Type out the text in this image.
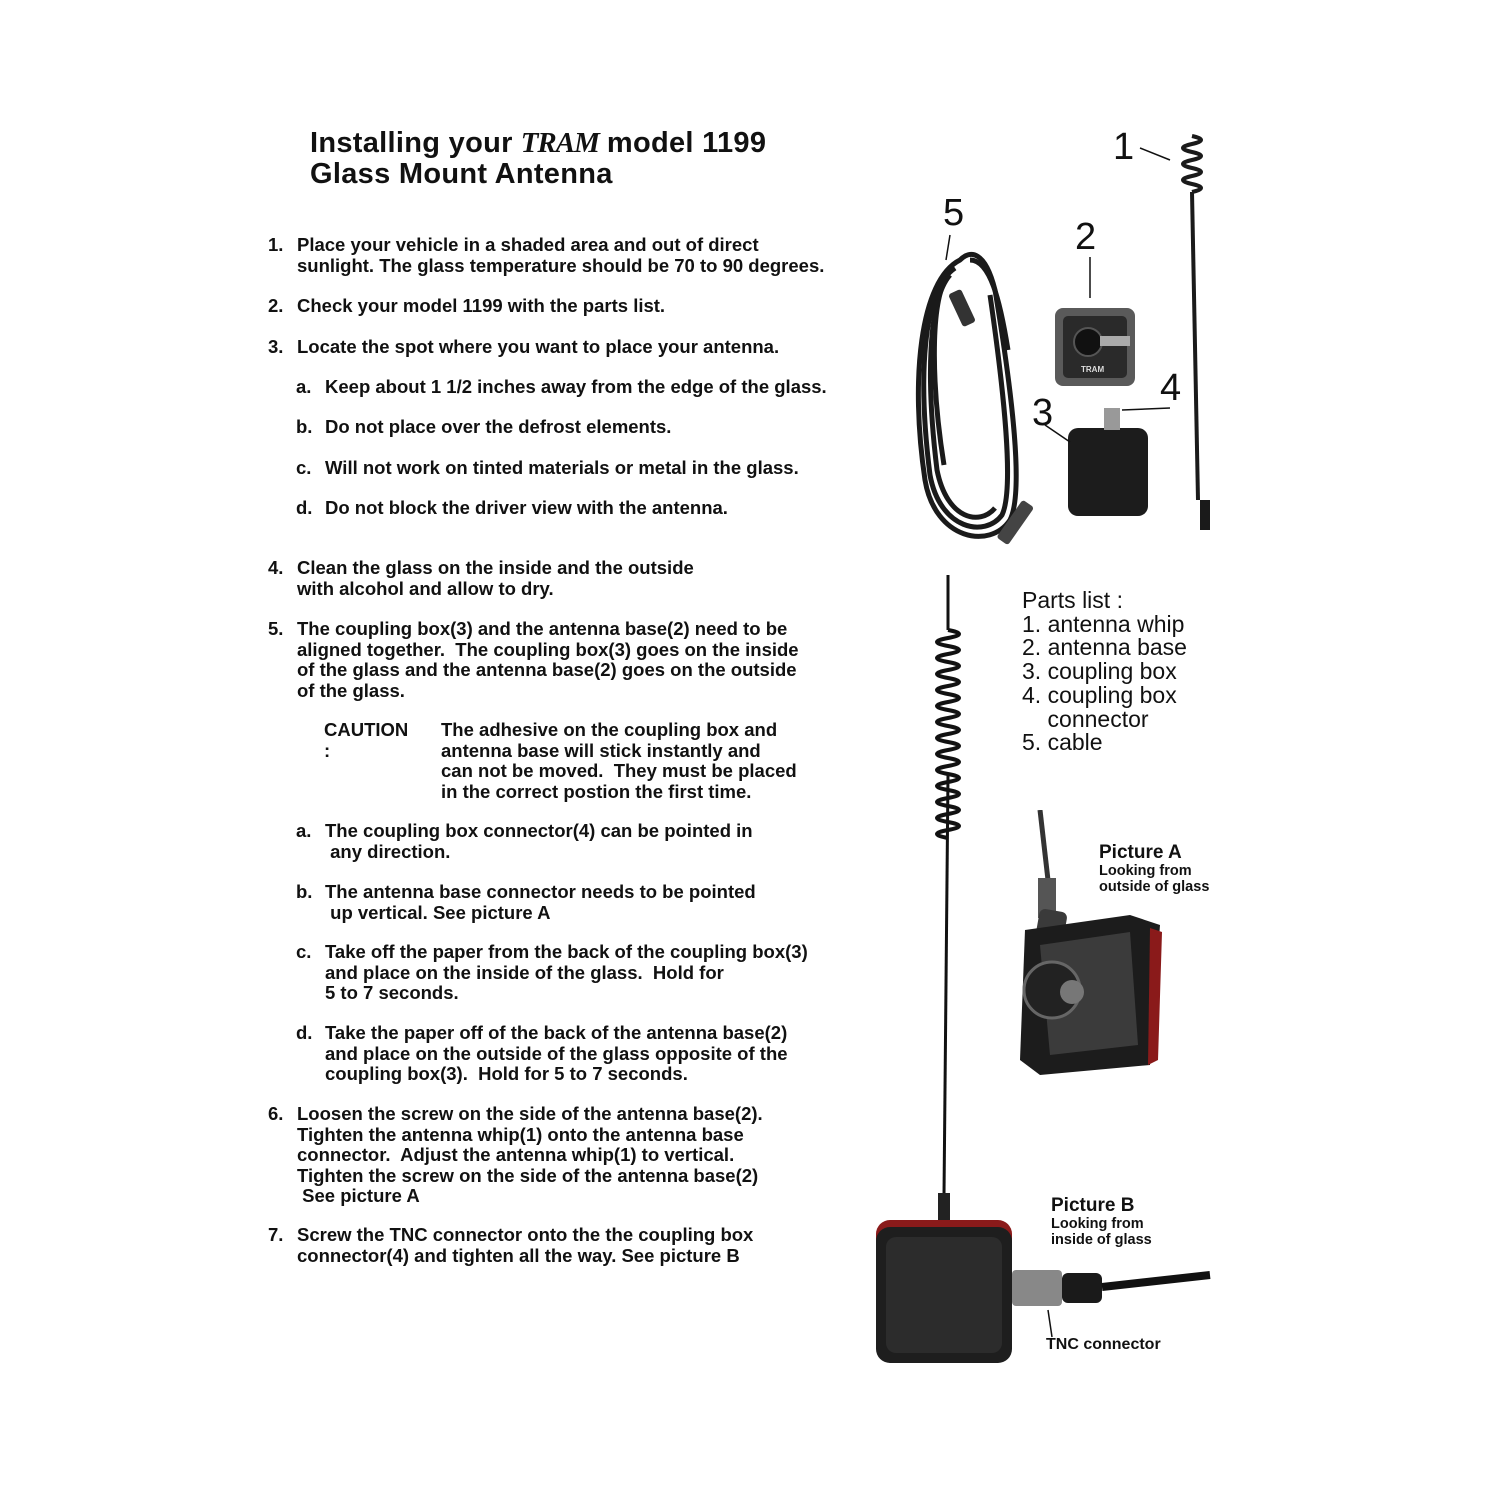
Installing your TRAM model 1199
Glass Mount Antenna
1. Place your vehicle in a shaded area and out of direct
sunlight. The glass temperature should be 70 to 90 degrees.
2. Check your model 1199 with the parts list.
3. Locate the spot where you want to place your antenna.
a. Keep about 1 1/2 inches away from the edge of the glass.
b. Do not place over the defrost elements.
c. Will not work on tinted materials or metal in the glass.
d. Do not block the driver view with the antenna.
4. Clean the glass on the inside and the outside
with alcohol and allow to dry.
5. The coupling box(3) and the antenna base(2) need to be
aligned together.  The coupling box(3) goes on the inside
of the glass and the antenna base(2) goes on the outside
of the glass.
CAUTION :
The adhesive on the coupling box and
antenna base will stick instantly and
can not be moved.  They must be placed
in the correct postion the first time.
a. The coupling box connector(4) can be pointed in
any direction.
b. The antenna base connector needs to be pointed
up vertical. See picture A
c. Take off the paper from the back of the coupling box(3)
and place on the inside of the glass.  Hold for
5 to 7 seconds.
d. Take the paper off of the back of the antenna base(2)
and place on the outside of the glass opposite of the
coupling box(3).  Hold for 5 to 7 seconds.
6. Loosen the screw on the side of the antenna base(2).
Tighten the antenna whip(1) onto the antenna base
connector.  Adjust the antenna whip(1) to vertical.
Tighten the screw on the side of the antenna base(2)
See picture A
7. Screw the TNC connector onto the the coupling box
connector(4) and tighten all the way. See picture B
TRAM
1
2
3
4
5
Parts list :
1. antenna whip
2. antenna base
3. coupling box
4. coupling box
connector
5. cable
Picture A
Looking from
outside of glass
Picture B
Looking from
inside of glass
TNC connector
